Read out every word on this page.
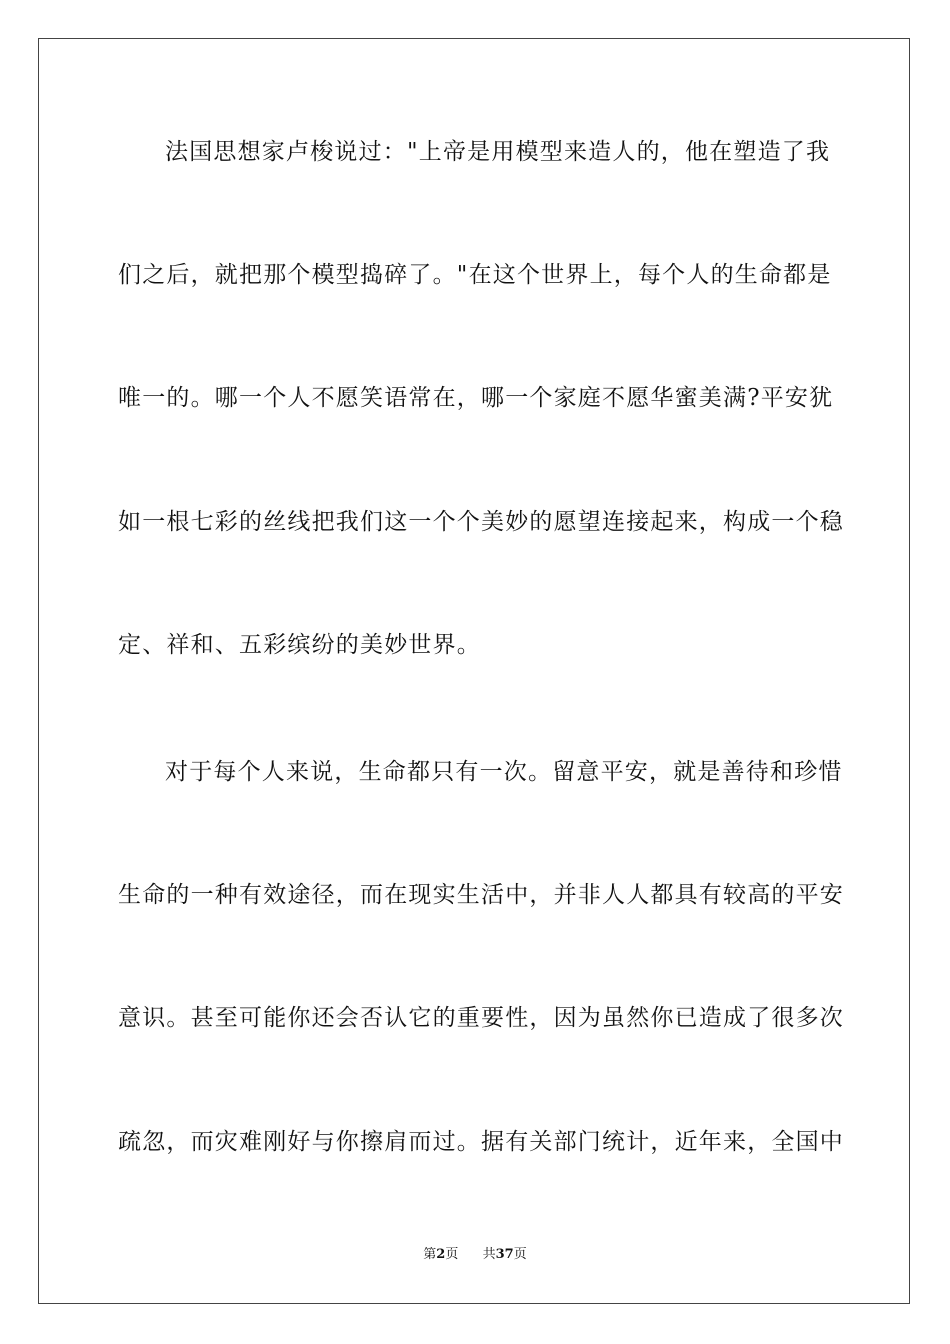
法国思想家卢梭说过："上帝是用模型来造人的，他在塑造了我
们之后，就把那个模型捣碎了。"在这个世界上，每个人的生命都是
唯一的。哪一个人不愿笑语常在，哪一个家庭不愿华蜜美满?平安犹
如一根七彩的丝线把我们这一个个美妙的愿望连接起来，构成一个稳
定、祥和、五彩缤纷的美妙世界。
对于每个人来说，生命都只有一次。留意平安，就是善待和珍惜
生命的一种有效途径，而在现实生活中，并非人人都具有较高的平安
意识。甚至可能你还会否认它的重要性，因为虽然你已造成了很多次
疏忽，而灾难刚好与你擦肩而过。据有关部门统计，近年来，全国中
第2页 共37页
